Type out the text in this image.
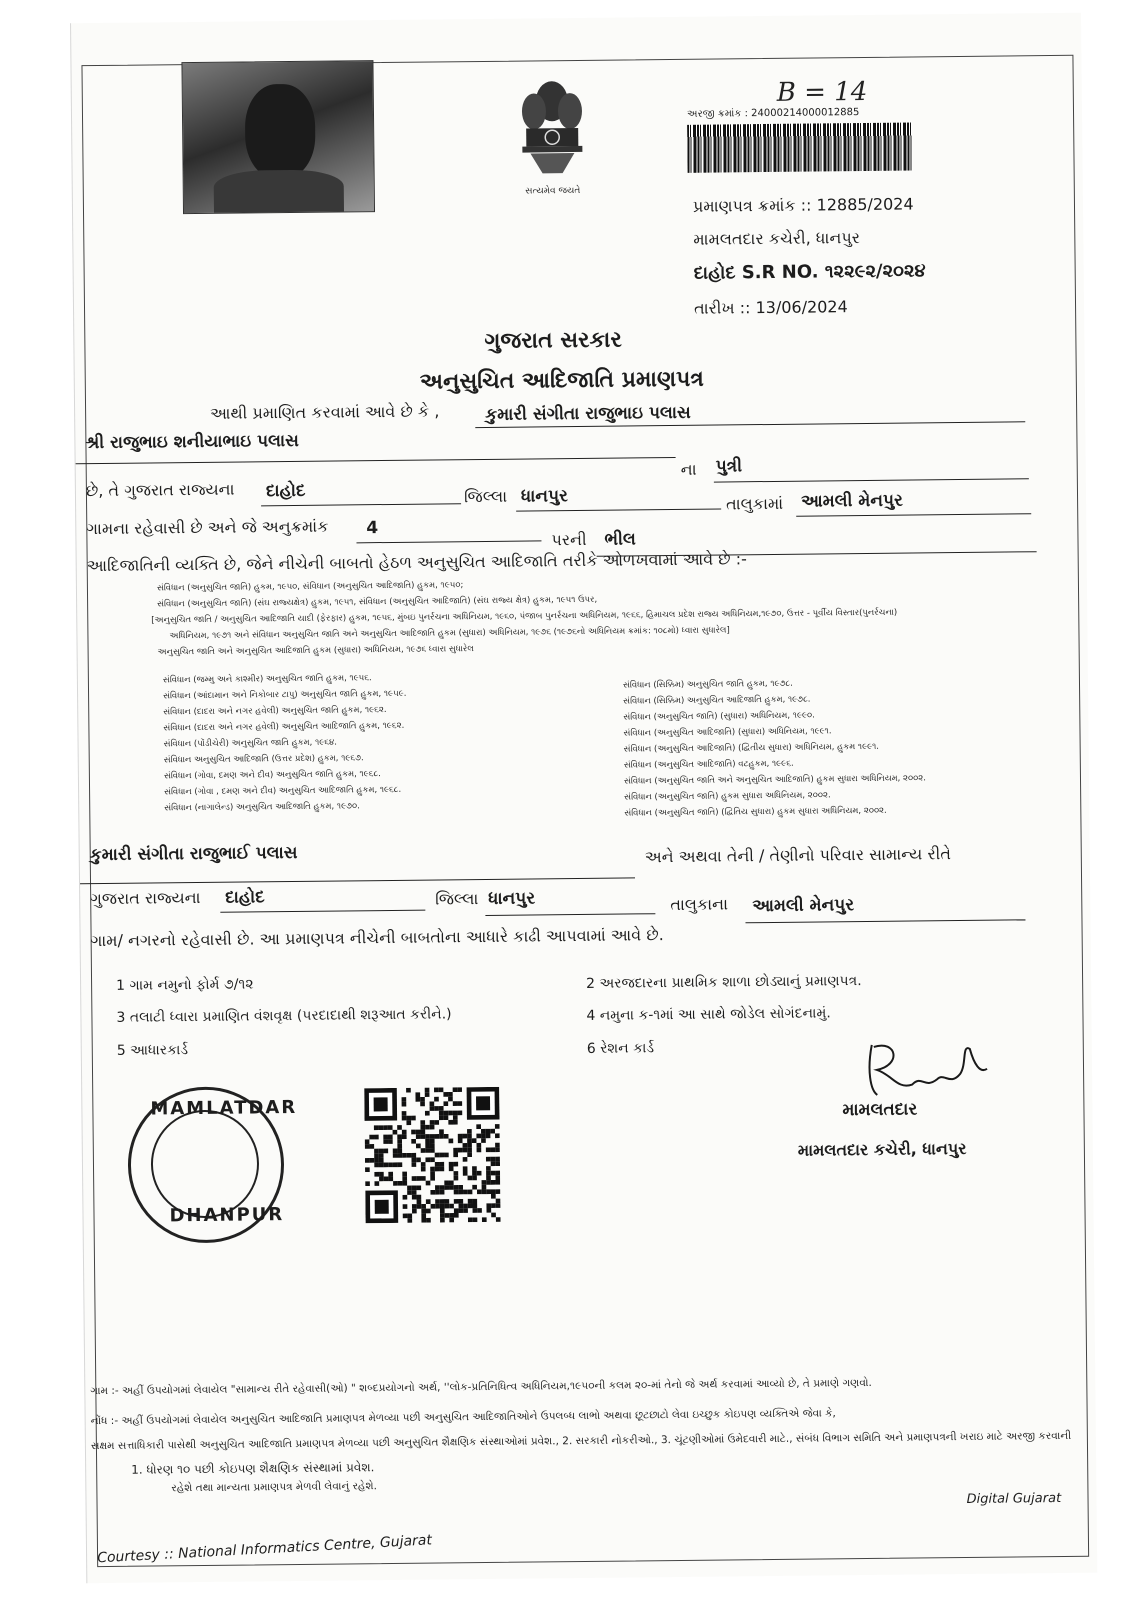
સત્યમેવ જયતે
B = 14
અરજી ક્રમાંક : 24000214000012885
પ્રમાણપત્ર ક્રમાંક :: 12885/2024
મામલતદાર કચેરી, ધાનપુર
દાહોદ S.R NO. ૧૨૨૯૨/૨૦૨૪
તારીખ :: 13/06/2024
ગુજરાત સરકાર
અનુસુચિત આદિજાતિ પ્રમાણપત્ર
આથી પ્રમાણિત કરવામાં આવે છે કે ,	કુમારી સંગીતા રાજુભાઇ પલાસ
શ્રી રાજુભાઇ શનીયાભાઇ પલાસ
ના પુત્રી
છે, તે ગુજરાત રાજ્યના દાહોદ	જિલ્લા ધાનપુર	તાલુકામાં આમલી મેનપુર
ગામના રહેવાસી છે અને જે અનુક્રમાંક 4
પરની ભીલ
આદિજાતિની વ્યક્તિ છે, જેને નીચેની બાબતો હેઠળ અનુસુચિત આદિજાતિ તરીકે ઓળખવામાં આવે છે :-
સંવિધાન (અનુસુચિત જાતિ) હુકમ, ૧૯૫૦, સંવિધાન (અનુસુચિત આદિજાતિ) હુકમ, ૧૯૫૦;
સંવિધાન (અનુસુચિત જાતિ) (સંઘ રાજ્યક્ષેત્ર) હુકમ, ૧૯૫૧, સંવિધાન (અનુસુચિત આદિજાતિ) (સંઘ રાજ્ય ક્ષેત્ર) હુકમ, ૧૯૫૧ ઉપર,
[અનુસુચિત જાતિ / અનુસુચિત આદિજાતિ યાદી (ફેરફાર) હુકમ, ૧૯૫૬, મુંબઇ પુનર્રચના અધિનિયમ, ૧૯૬૦, પંજાબ પુનર્રચના અધિનિયમ, ૧૯૬૬, હિમાચલ પ્રદેશ રાજ્ય અધિનિયમ,૧૯૭૦, ઉત્તર - પૂર્વીય વિસ્તાર(પુનર્રચના)
અધિનિયમ, ૧૯૭૧ અને સંવિધાન અનુસુચિત જાતિ અને અનુસુચિત આદિજાતિ હુકમ (સુધારા) અધિનિયમ, ૧૯૭૬ (૧૯૭૬નો અધિનિયમ ક્રમાંક: ૧૦૮મો) ધ્વારા સુધારેલ]
અનુસુચિત જાતિ અને અનુસુચિત આદિજાતિ હુકમ (સુધારા) અધિનિયમ, ૧૯૭૬ ધ્વારા સુધારેલ
સંવિધાન (જમ્મુ અને કાશ્મીર) અનુસુચિત જાતિ હુકમ, ૧૯૫૬.
સંવિધાન (આંદામાન અને નિકોબાર ટાપુ) અનુસુચિત જાતિ હુકમ, ૧૯૫૯.
સંવિધાન (દાદરા અને નગર હવેલી) અનુસુચિત જાતિ હુકમ, ૧૯૬૨.
સંવિધાન (દાદરા અને નગર હવેલી) અનુસુચિત આદિજાતિ હુકમ, ૧૯૬૨.
સંવિધાન (પોંડીચેરી) અનુસુચિત જાતિ હુકમ, ૧૯૬૪.
સંવિધાન અનુસુચિત આદિજાતિ (ઉત્તર પ્રદેશ) હુકમ, ૧૯૬૭.
સંવિધાન (ગોવા, દમણ અને દીવ) અનુસુચિત જાતિ હુકમ, ૧૯૬૮.
સંવિધાન (ગોવા , દમણ અને દીવ) અનુસુચિત આદિજાતિ હુકમ, ૧૯૬૮.
સંવિધાન (નાગાલેન્ડ) અનુસુચિત આદિજાતિ હુકમ, ૧૯૭૦.
સંવિધાન (સિક્કિમ) અનુસુચિત જાતિ હુકમ, ૧૯૭૮.
સંવિધાન (સિક્કિમ) અનુસુચિત આદિજાતિ હુકમ, ૧૯૭૮.
સંવિધાન (અનુસુચિત જાતિ) (સુધારા) અધિનિયમ, ૧૯૯૦.
સંવિધાન (અનુસુચિત આદિજાતિ) (સુધારા) અધિનિયમ, ૧૯૯૧.
સંવિધાન (અનુસુચિત આદિજાતિ) (દ્વિતીય સુધારા) અધિનિયમ, હુકમ ૧૯૯૧.
સંવિધાન (અનુસુચિત આદિજાતિ) વટહુકમ, ૧૯૯૬.
સંવિધાન (અનુસુચિત જાતિ અને અનુસુચિત આદિજાતિ) હુકમ સુધારા અધિનિયમ, ૨૦૦૨.
સંવિધાન (અનુસુચિત જાતિ) હુકમ સુધારા અધિનિયમ, ૨૦૦૨.
સંવિધાન (અનુસુચિત જાતિ) (દ્વિતિય સુધારા) હુકમ સુધારા અધિનિયમ, ૨૦૦૨.
કુમારી સંગીતા રાજુભાઈ પલાસ	અને અથવા તેની / તેણીનો પરિવાર સામાન્ય રીતે
ગુજરાત રાજ્યના દાહોદ	જિલ્લા ધાનપુર	તાલુકાના આમલી મેનપુર
ગામ/ નગરનો રહેવાસી છે. આ પ્રમાણપત્ર નીચેની બાબતોના આધારે કાઢી આપવામાં આવે છે.
1 ગામ નમુનો ફોર્મ ૭/૧૨	2 અરજદારના પ્રાથમિક શાળા છોડ્યાનું પ્રમાણપત્ર.
3 તલાટી ધ્વારા પ્રમાણિત વંશવૃક્ષ (પરદાદાથી શરૂઆત કરીને.)	4 નમુના ક-૧માં આ સાથે જોડેલ સોગંદનામું.
5 આધારકાર્ડ	6 રેશન કાર્ડ
મામલતદાર
મામલતદાર કચેરી, ધાનપુર
MAMLATDAR
DHANPUR
ગામ :- અહીં ઉપયોગમાં લેવાયેલ "સામાન્ય રીતે રહેવાસી(ઓ) " શબ્દપ્રયોગનો અર્થ, ''લોક-પ્રતિનિધિત્વ અધિનિયમ,૧૯૫૦ની કલમ ૨૦-માં તેનો જે અર્થ કરવામાં આવ્યો છે, તે પ્રમાણે ગણવો.
નોંધ :- અહીં ઉપયોગમાં લેવાયેલ અનુસુચિત આદિજાતિ પ્રમાણપત્ર મેળવ્યા પછી અનુસુચિત આદિજાતિઓને ઉપલબ્ધ લાભો અથવા છૂટછાટો લેવા ઇચ્છુક કોઇપણ વ્યક્તિએ જેવા કે,
સક્ષમ સત્તાધિકારી પાસેથી અનુસુચિત આદિજાતિ પ્રમાણપત્ર મેળવ્યા પછી અનુસુચિત શૈક્ષણિક સંસ્થાઓમાં પ્રવેશ., 2. સરકારી નોકરીઓ., 3. ચૂંટણીઓમાં ઉમેદવારી માટે., સંબંધ વિભાગ સમિતિ અને પ્રમાણપત્રની ખરાઇ માટે અરજી કરવાની
1. ધોરણ ૧૦ પછી કોઇપણ શૈક્ષણિક સંસ્થામાં પ્રવેશ.
રહેશે તથા માન્યતા પ્રમાણપત્ર મેળવી લેવાનું રહેશે.
Digital Gujarat
Courtesy :: National Informatics Centre, Gujarat
